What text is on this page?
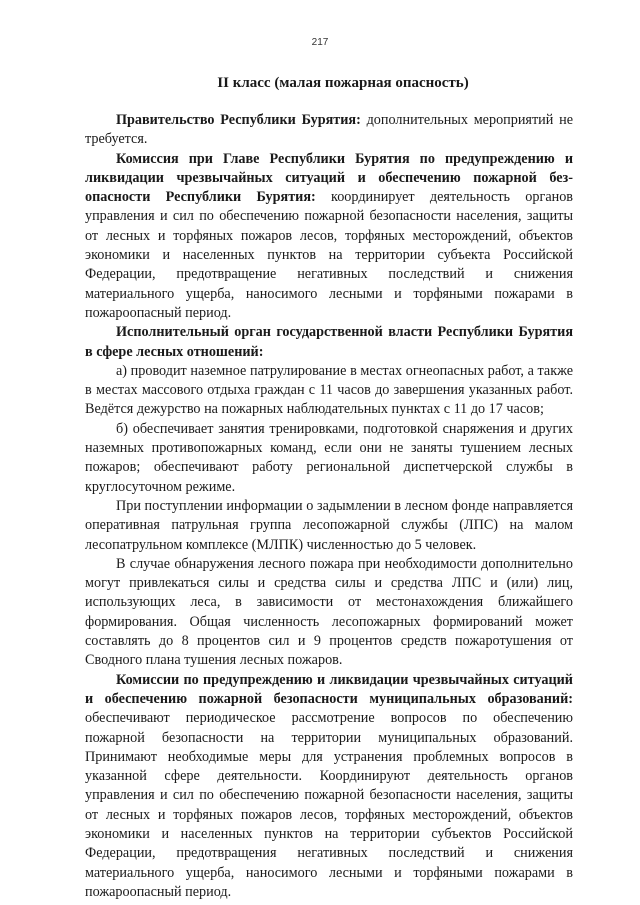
217
II класс (малая пожарная опасность)

Правительство Республики Бурятия: дополнительных мероприятий не требуется.

Комиссия при Главе Республики Бурятия по предупреждению и ликвидации чрезвычайных ситуаций и обеспечению пожарной безопасности Республики Бурятия: координирует деятельность органов управления и сил по обеспечению пожарной безопасности населения, защиты от лесных и торфяных пожаров лесов, торфяных месторождений, объектов экономики и населенных пунктов на территории субъекта Российской Федерации, предотвращение негативных последствий и снижения материального ущерба, наносимого лесными и торфяными пожарами в пожароопасный период.

Исполнительный орган государственной власти Республики Бурятия в сфере лесных отношений:

а) проводит наземное патрулирование в местах огнеопасных работ, а также в местах массового отдыха граждан с 11 часов до завершения указанных работ. Ведётся дежурство на пожарных наблюдательных пунктах с 11 до 17 часов;

б) обеспечивает занятия тренировками, подготовкой снаряжения и других наземных противопожарных команд, если они не заняты тушением лесных пожаров; обеспечивают работу региональной диспетчерской службы в круглосуточном режиме.

При поступлении информации о задымлении в лесном фонде направляется оперативная патрульная группа лесопожарной службы (ЛПС) на малом лесопатрульном комплексе (МЛПК) численностью до 5 человек.

В случае обнаружения лесного пожара при необходимости дополнительно могут привлекаться силы и средства силы и средства ЛПС и (или) лиц, использующих леса, в зависимости от местонахождения ближайшего формирования. Общая численность лесопожарных формирований может составлять до 8 процентов сил и 9 процентов средств пожаротушения от Сводного плана тушения лесных пожаров.

Комиссии по предупреждению и ликвидации чрезвычайных ситуаций и обеспечению пожарной безопасности муниципальных образований: обеспечивают периодическое рассмотрение вопросов по обеспечению пожарной безопасности на территории муниципальных образований. Принимают необходимые меры для устранения проблемных вопросов в указанной сфере деятельности. Координируют деятельность органов управления и сил по обеспечению пожарной безопасности населения, защиты от лесных и торфяных пожаров лесов, торфяных месторождений, объектов экономики и населенных пунктов на территории субъектов Российской Федерации, предотвращения негативных последствий и снижения материального ущерба, наносимого лесными и торфяными пожарами в пожароопасный период.
